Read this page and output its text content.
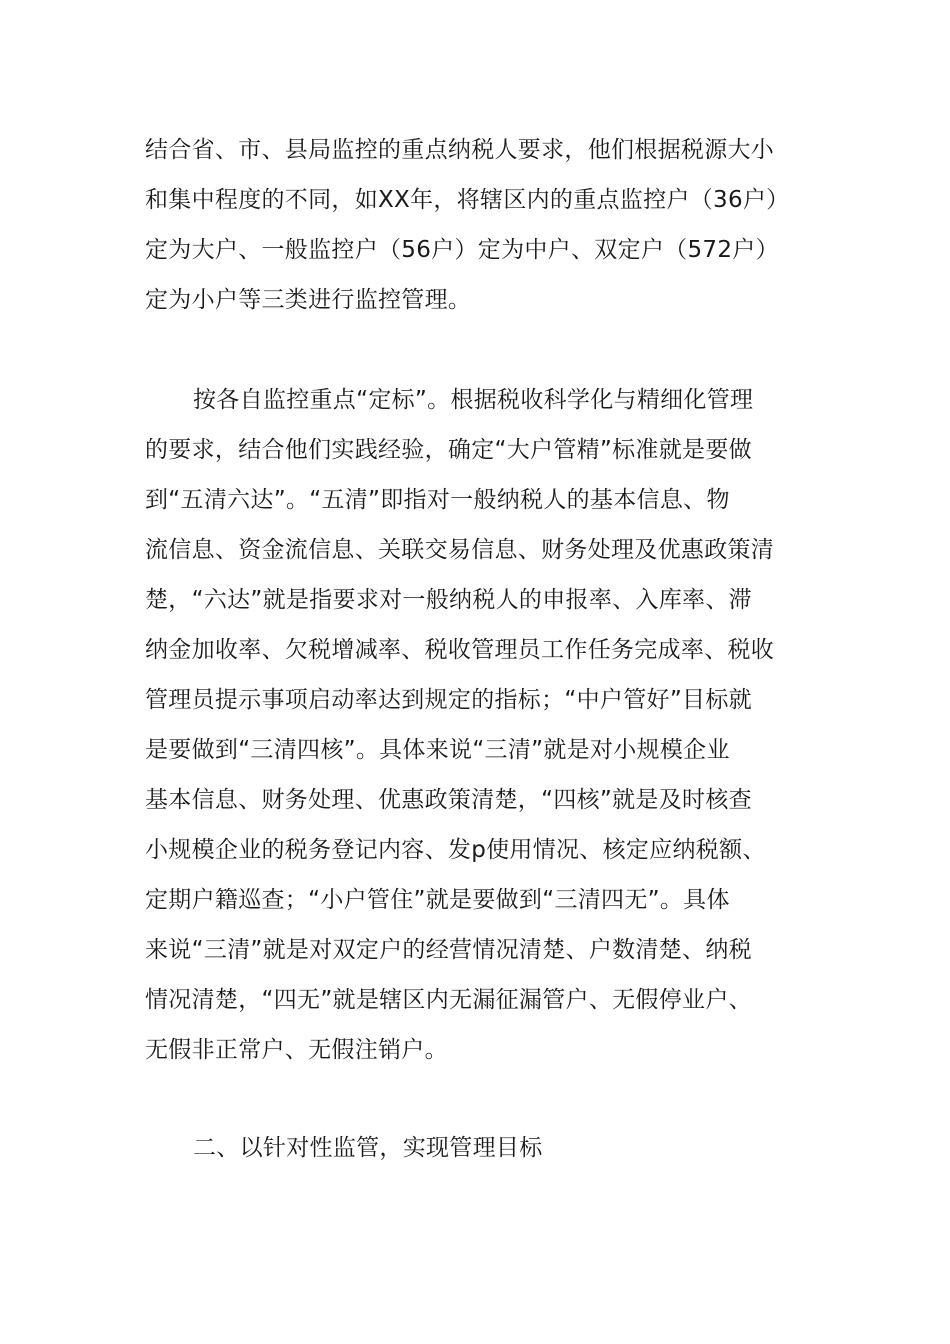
结合省、市、县局监控的重点纳税人要求，他们根据税源大小
和集中程度的不同，如XX年，将辖区内的重点监控户（36户）
定为大户、一般监控户（56户）定为中户、双定户（572户）
定为小户等三类进行监控管理。
按各自监控重点“定标”。根据税收科学化与精细化管理
的要求，结合他们实践经验，确定“大户管精”标准就是要做
到“五清六达”。“五清”即指对一般纳税人的基本信息、物
流信息、资金流信息、关联交易信息、财务处理及优惠政策清
楚，“六达”就是指要求对一般纳税人的申报率、入库率、滞
纳金加收率、欠税增减率、税收管理员工作任务完成率、税收
管理员提示事项启动率达到规定的指标；“中户管好”目标就
是要做到“三清四核”。具体来说“三清”就是对小规模企业
基本信息、财务处理、优惠政策清楚，“四核”就是及时核查
小规模企业的税务登记内容、发p使用情况、核定应纳税额、
定期户籍巡查；“小户管住”就是要做到“三清四无”。具体
来说“三清”就是对双定户的经营情况清楚、户数清楚、纳税
情况清楚，“四无”就是辖区内无漏征漏管户、无假停业户、
无假非正常户、无假注销户。
二、以针对性监管，实现管理目标
